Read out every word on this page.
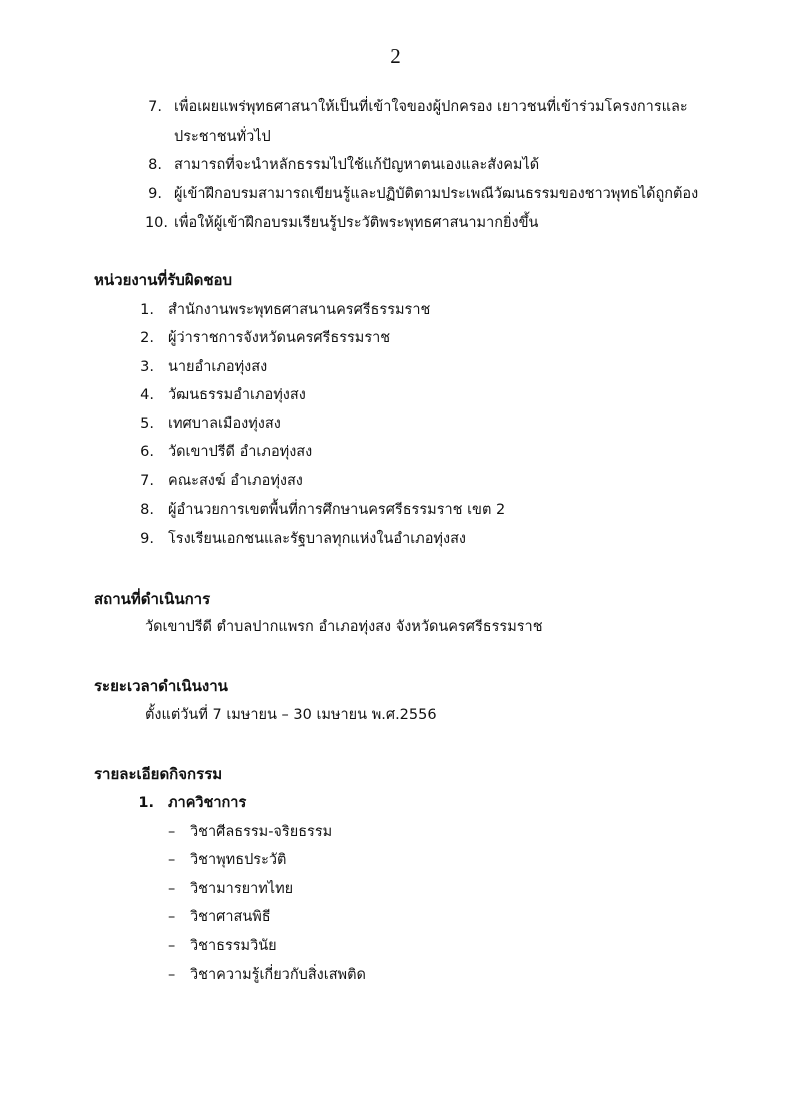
2
7. เพื่อเผยแพร่พุทธศาสนาให้เป็นที่เข้าใจของผู้ปกครอง เยาวชนที่เข้าร่วมโครงการและ
ประชาชนทั่วไป
8. สามารถที่จะนำหลักธรรมไปใช้แก้ปัญหาตนเองและสังคมได้
9. ผู้เข้าฝึกอบรมสามารถเขียนรู้และปฏิบัติตามประเพณีวัฒนธรรมของชาวพุทธได้ถูกต้อง
10. เพื่อให้ผู้เข้าฝึกอบรมเรียนรู้ประวัติพระพุทธศาสนามากยิ่งขึ้น
หน่วยงานที่รับผิดชอบ
1. สำนักงานพระพุทธศาสนานครศรีธรรมราช
2. ผู้ว่าราชการจังหวัดนครศรีธรรมราช
3. นายอำเภอทุ่งสง
4. วัฒนธรรมอำเภอทุ่งสง
5. เทศบาลเมืองทุ่งสง
6. วัดเขาปรีดี อำเภอทุ่งสง
7. คณะสงฆ์ อำเภอทุ่งสง
8. ผู้อำนวยการเขตพื้นที่การศึกษานครศรีธรรมราช เขต 2
9. โรงเรียนเอกชนและรัฐบาลทุกแห่งในอำเภอทุ่งสง
สถานที่ดำเนินการ
วัดเขาปรีดี ตำบลปากแพรก อำเภอทุ่งสง จังหวัดนครศรีธรรมราช
ระยะเวลาดำเนินงาน
ตั้งแต่วันที่ 7 เมษายน – 30 เมษายน พ.ศ.2556
รายละเอียดกิจกรรม
1. ภาควิชาการ
– วิชาศีลธรรม-จริยธรรม
– วิชาพุทธประวัติ
– วิชามารยาทไทย
– วิชาศาสนพิธี
– วิชาธรรมวินัย
– วิชาความรู้เกี่ยวกับสิ่งเสพติด
